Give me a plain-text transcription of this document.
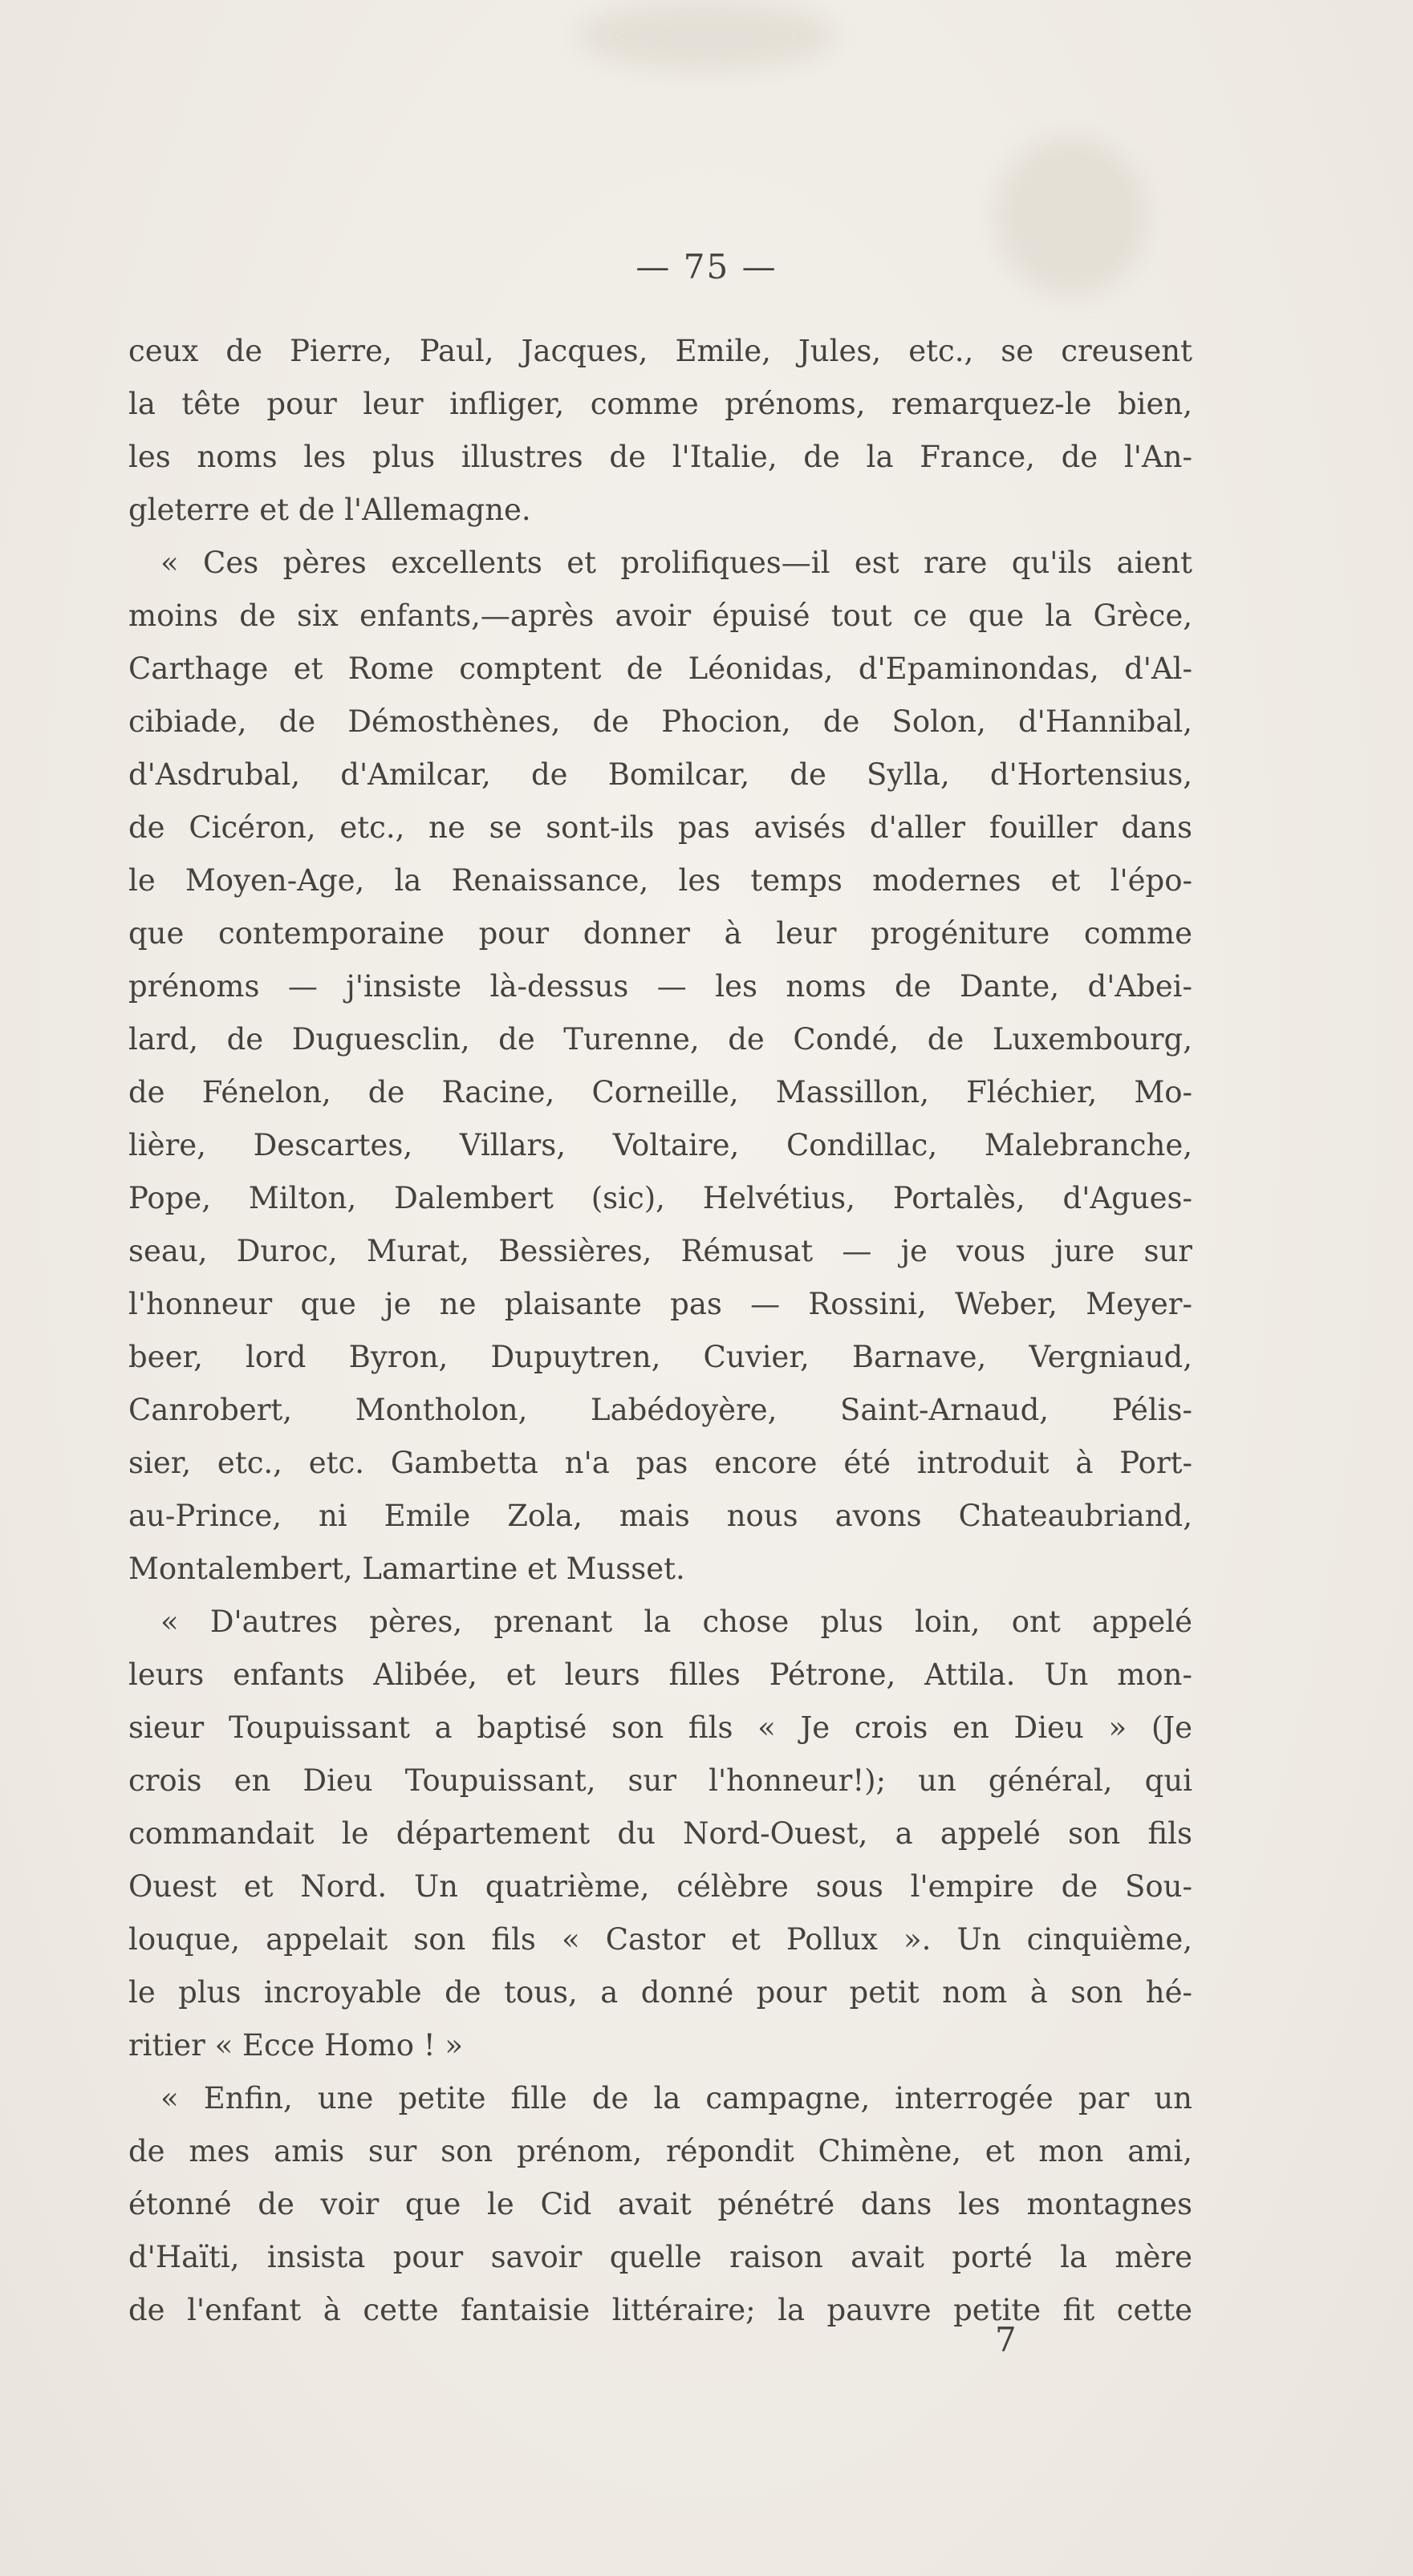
— 75 —
ceux de Pierre, Paul, Jacques, Emile, Jules, etc., se creusent
la tête pour leur infliger, comme prénoms, remarquez-le bien,
les noms les plus illustres de l'Italie, de la France, de l'An-
gleterre et de l'Allemagne.
« Ces pères excellents et prolifiques—il est rare qu'ils aient
moins de six enfants,—après avoir épuisé tout ce que la Grèce,
Carthage et Rome comptent de Léonidas, d'Epaminondas, d'Al-
cibiade, de Démosthènes, de Phocion, de Solon, d'Hannibal,
d'Asdrubal, d'Amilcar, de Bomilcar, de Sylla, d'Hortensius,
de Cicéron, etc., ne se sont-ils pas avisés d'aller fouiller dans
le Moyen-Age, la Renaissance, les temps modernes et l'épo-
que contemporaine pour donner à leur progéniture comme
prénoms — j'insiste là-dessus — les noms de Dante, d'Abei-
lard, de Duguesclin, de Turenne, de Condé, de Luxembourg,
de Fénelon, de Racine, Corneille, Massillon, Fléchier, Mo-
lière, Descartes, Villars, Voltaire, Condillac, Malebranche,
Pope, Milton, Dalembert (sic), Helvétius, Portalès, d'Agues-
seau, Duroc, Murat, Bessières, Rémusat — je vous jure sur
l'honneur que je ne plaisante pas — Rossini, Weber, Meyer-
beer, lord Byron, Dupuytren, Cuvier, Barnave, Vergniaud,
Canrobert, Montholon, Labédoyère, Saint-Arnaud, Pélis-
sier, etc., etc. Gambetta n'a pas encore été introduit à Port-
au-Prince, ni Emile Zola, mais nous avons Chateaubriand,
Montalembert, Lamartine et Musset.
« D'autres pères, prenant la chose plus loin, ont appelé
leurs enfants Alibée, et leurs filles Pétrone, Attila. Un mon-
sieur Toupuissant a baptisé son fils « Je crois en Dieu » (Je
crois en Dieu Toupuissant, sur l'honneur!); un général, qui
commandait le département du Nord-Ouest, a appelé son fils
Ouest et Nord. Un quatrième, célèbre sous l'empire de Sou-
louque, appelait son fils « Castor et Pollux ». Un cinquième,
le plus incroyable de tous, a donné pour petit nom à son hé-
ritier « Ecce Homo ! »
« Enfin, une petite fille de la campagne, interrogée par un
de mes amis sur son prénom, répondit Chimène, et mon ami,
étonné de voir que le Cid avait pénétré dans les montagnes
d'Haïti, insista pour savoir quelle raison avait porté la mère
de l'enfant à cette fantaisie littéraire; la pauvre petite fit cette
7
